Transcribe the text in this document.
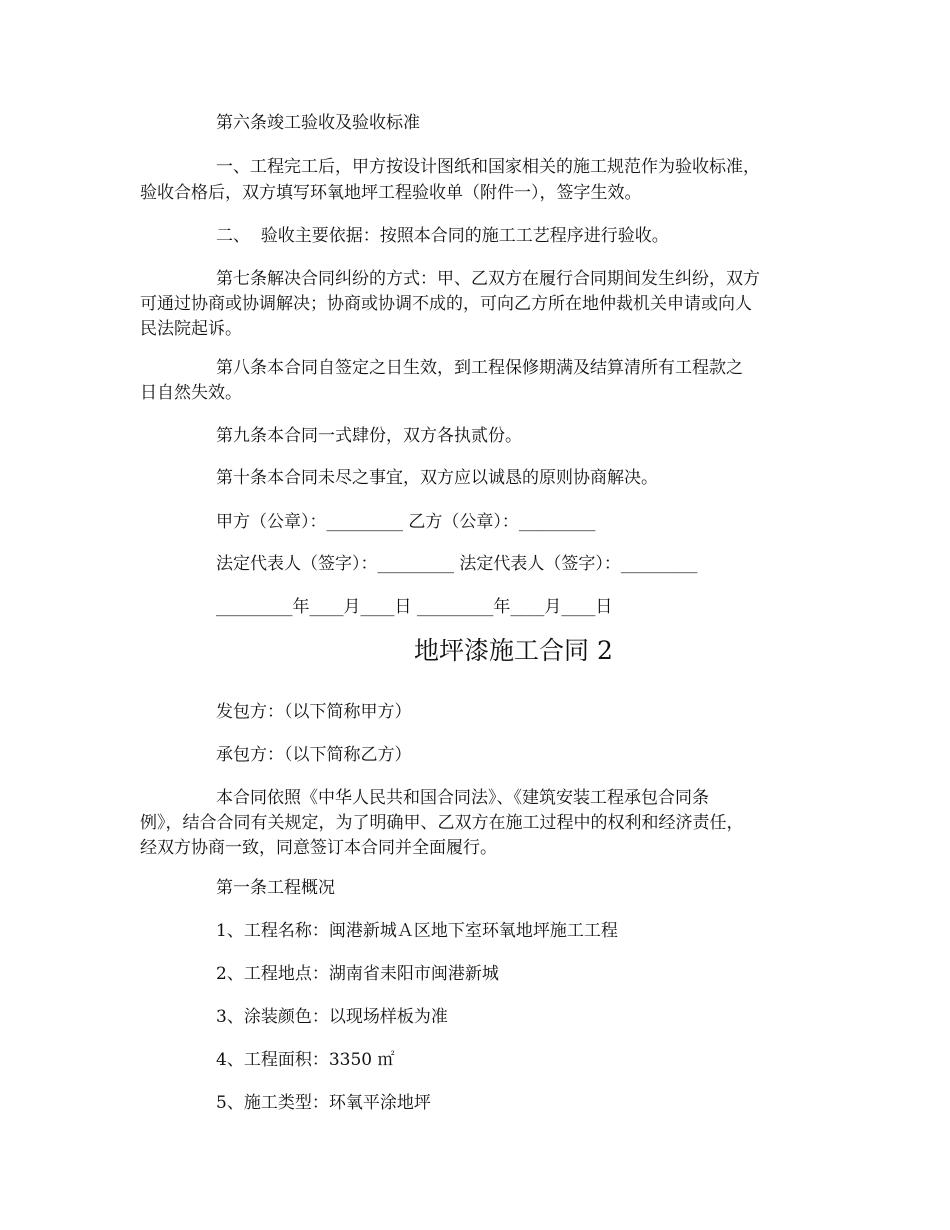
第六条竣工验收及验收标准
一、工程完工后，甲方按设计图纸和国家相关的施工规范作为验收标准，
验收合格后，双方填写环氧地坪工程验收单（附件一），签字生效。
二、  验收主要依据：按照本合同的施工工艺程序进行验收。
第七条解决合同纠纷的方式：甲、乙双方在履行合同期间发生纠纷，双方
可通过协商或协调解决；协商或协调不成的，可向乙方所在地仲裁机关申请或向人
民法院起诉。
第八条本合同自签定之日生效，到工程保修期满及结算清所有工程款之
日自然失效。
第九条本合同一式肆份，双方各执贰份。
第十条本合同未尽之事宜，双方应以诚恳的原则协商解决。
甲方（公章）：_________ 乙方（公章）：_________
法定代表人（签字）：_________ 法定代表人（签字）：_________
_________年____月____日 _________年____月____日
地坪漆施工合同 2
发包方：（以下简称甲方）
承包方：（以下简称乙方）
本合同依照《中华人民共和国合同法》、《建筑安装工程承包合同条
例》，结合合同有关规定，为了明确甲、乙双方在施工过程中的权利和经济责任，
经双方协商一致，同意签订本合同并全面履行。
第一条工程概况
1、工程名称：闽港新城Ａ区地下室环氧地坪施工工程
2、工程地点：湖南省耒阳市闽港新城
3、涂装颜色：以现场样板为准
4、工程面积：3350 ㎡
5、施工类型：环氧平涂地坪
